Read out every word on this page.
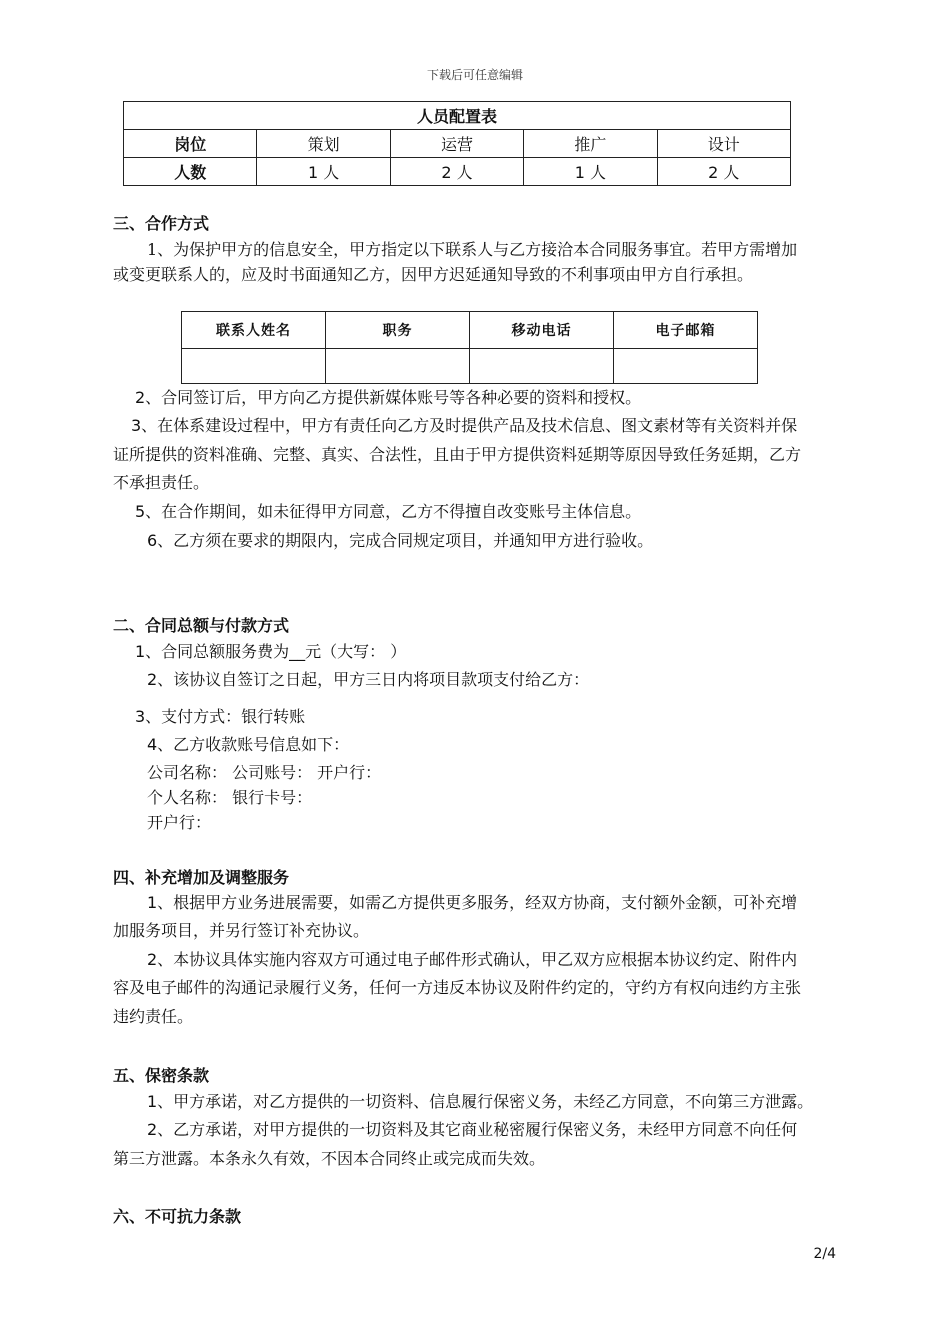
下载后可任意编辑
人员配置表				
岗位	策划	运营	推广	设计
人数	1 人	2 人	1 人	2 人
三、合作方式
1、为保护甲方的信息安全，甲方指定以下联系人与乙方接洽本合同服务事宜。若甲方需增加
或变更联系人的，应及时书面通知乙方，因甲方迟延通知导致的不利事项由甲方自行承担。
联系人姓名	职务	移动电话	电子邮箱

2、合同签订后，甲方向乙方提供新媒体账号等各种必要的资料和授权。
3、在体系建设过程中，甲方有责任向乙方及时提供产品及技术信息、图文素材等有关资料并保
证所提供的资料准确、完整、真实、合法性，且由于甲方提供资料延期等原因导致任务延期，乙方
不承担责任。
5、在合作期间，如未征得甲方同意，乙方不得擅自改变账号主体信息。
6、乙方须在要求的期限内，完成合同规定项目，并通知甲方进行验收。
二、合同总额与付款方式
1、合同总额服务费为__元（大写： ）
2、该协议自签订之日起，甲方三日内将项目款项支付给乙方：
3、支付方式：银行转账
4、乙方收款账号信息如下：
公司名称： 公司账号： 开户行：
个人名称： 银行卡号：
开户行：
四、补充增加及调整服务
1、根据甲方业务进展需要，如需乙方提供更多服务，经双方协商，支付额外金额，可补充增
加服务项目，并另行签订补充协议。
2、本协议具体实施内容双方可通过电子邮件形式确认，甲乙双方应根据本协议约定、附件内
容及电子邮件的沟通记录履行义务，任何一方违反本协议及附件约定的，守约方有权向违约方主张
违约责任。
五、保密条款
1、甲方承诺，对乙方提供的一切资料、信息履行保密义务，未经乙方同意，不向第三方泄露。
2、乙方承诺，对甲方提供的一切资料及其它商业秘密履行保密义务，未经甲方同意不向任何
第三方泄露。本条永久有效，不因本合同终止或完成而失效。
六、不可抗力条款
2/4
